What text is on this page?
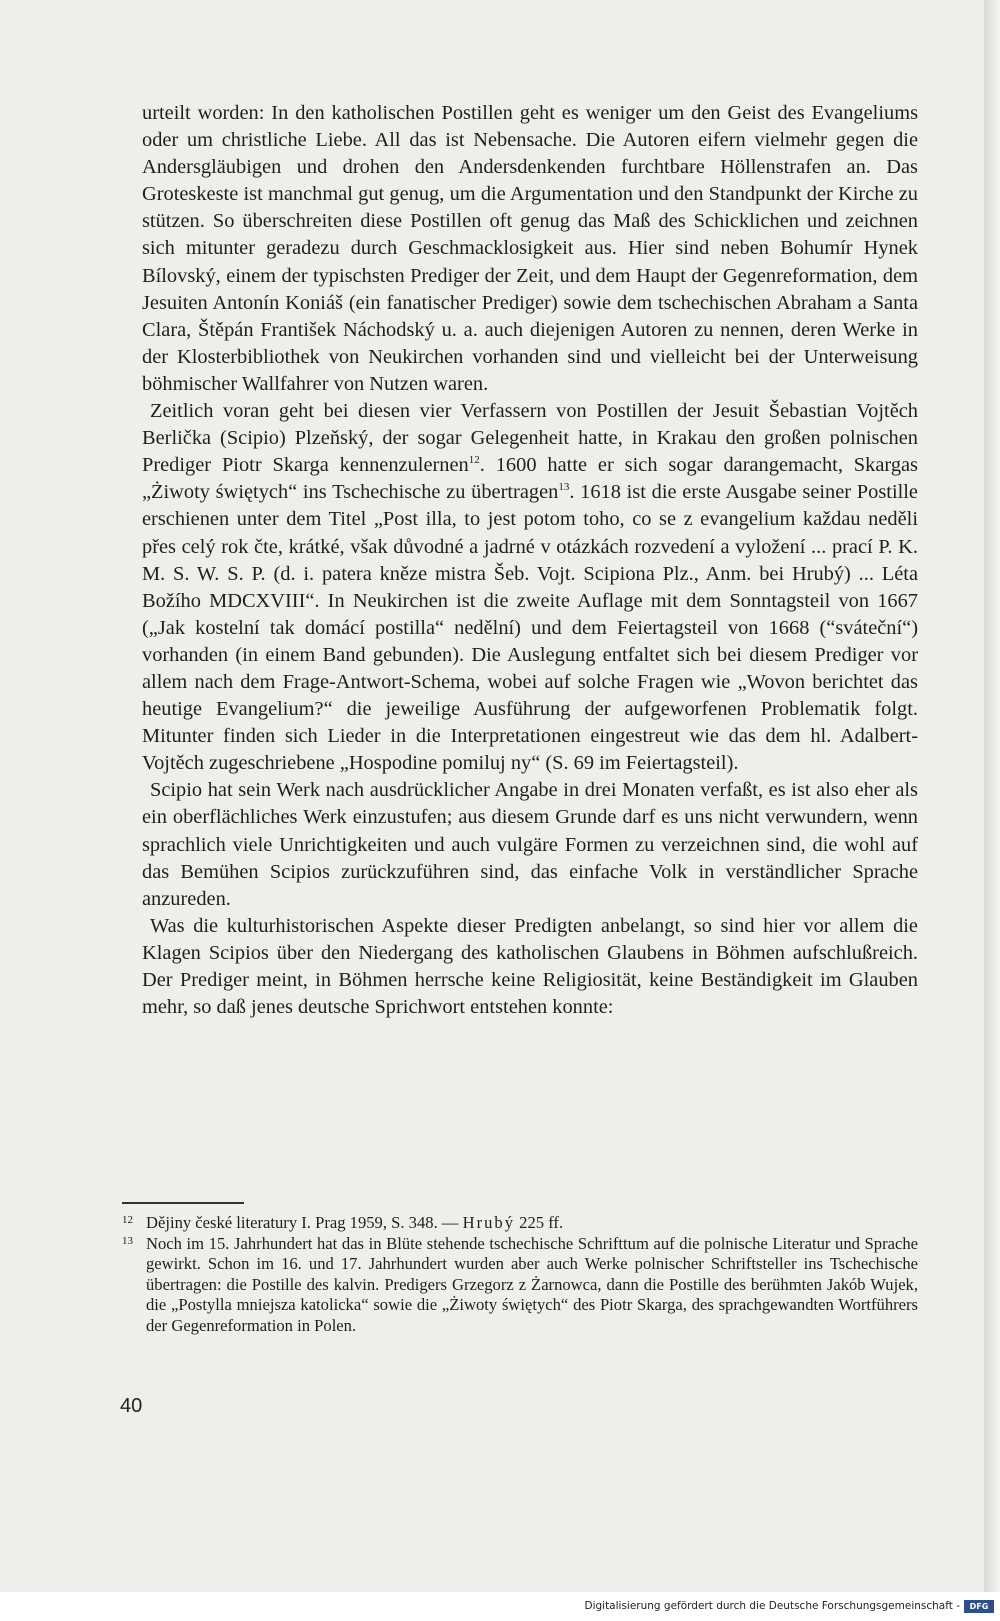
urteilt worden: In den katholischen Postillen geht es weniger um den Geist des Evangeliums oder um christliche Liebe. All das ist Nebensache. Die Autoren eifern vielmehr gegen die Andersgläubigen und drohen den Andersdenkenden furchtbare Höllenstrafen an. Das Groteskeste ist manchmal gut genug, um die Argumentation und den Standpunkt der Kirche zu stützen. So überschreiten diese Postillen oft genug das Maß des Schicklichen und zeichnen sich mitunter geradezu durch Geschmacklosigkeit aus. Hier sind neben Bohumír Hynek Bílovský, einem der typischsten Prediger der Zeit, und dem Haupt der Gegenreformation, dem Jesuiten Antonín Koniáš (ein fanatischer Prediger) sowie dem tschechischen Abraham a Santa Clara, Štěpán František Náchodský u. a. auch diejenigen Autoren zu nennen, deren Werke in der Klosterbibliothek von Neukirchen vorhanden sind und vielleicht bei der Unterweisung böhmischer Wallfahrer von Nutzen waren.

Zeitlich voran geht bei diesen vier Verfassern von Postillen der Jesuit Šebastian Vojtěch Berlička (Scipio) Plzeňský, der sogar Gelegenheit hatte, in Krakau den großen polnischen Prediger Piotr Skarga kennenzulernen$^{12}$. 1600 hatte er sich sogar darangemacht, Skargas „Żiwoty świętych“ ins Tschechische zu übertragen$^{13}$. 1618 ist die erste Ausgabe seiner Postille erschienen unter dem Titel „Post illa, to jest potom toho, co se z evangelium každau neděli přes celý rok čte, krátké, však důvodné a jadrné v otázkách rozvedení a vyložení ... prací P. K. M. S. W. S. P. (d. i. patera kněze mistra Šeb. Vojt. Scipiona Plz., Anm. bei Hrubý) ... Léta Božího MDCXVIII“. In Neukirchen ist die zweite Auflage mit dem Sonntagsteil von 1667 („Jak kostelní tak domácí postilla“ nedělní) und dem Feiertagsteil von 1668 (“sváteční“) vorhanden (in einem Band gebunden). Die Auslegung entfaltet sich bei diesem Prediger vor allem nach dem Frage-Antwort-Schema, wobei auf solche Fragen wie „Wovon berichtet das heutige Evangelium?“ die jeweilige Ausführung der aufgeworfenen Problematik folgt. Mitunter finden sich Lieder in die Interpretationen eingestreut wie das dem hl. Adalbert-Vojtěch zugeschriebene „Hospodine pomiluj ny“ (S. 69 im Feiertagsteil).

Scipio hat sein Werk nach ausdrücklicher Angabe in drei Monaten verfaßt, es ist also eher als ein oberflächliches Werk einzustufen; aus diesem Grunde darf es uns nicht verwundern, wenn sprachlich viele Unrichtigkeiten und auch vulgäre Formen zu verzeichnen sind, die wohl auf das Bemühen Scipios zurückzuführen sind, das einfache Volk in verständlicher Sprache anzureden.

Was die kulturhistorischen Aspekte dieser Predigten anbelangt, so sind hier vor allem die Klagen Scipios über den Niedergang des katholischen Glaubens in Böhmen aufschlußreich. Der Prediger meint, in Böhmen herrsche keine Religiosität, keine Beständigkeit im Glauben mehr, so daß jenes deutsche Sprichwort entstehen konnte:

12 Dějiny české literatury I. Prag 1959, S. 348. — Hrubý 225 ff.
13 Noch im 15. Jahrhundert hat das in Blüte stehende tschechische Schrifttum auf die polnische Literatur und Sprache gewirkt. Schon im 16. und 17. Jahrhundert wurden aber auch Werke polnischer Schriftsteller ins Tschechische übertragen: die Postille des kalvin. Predigers Grzegorz z Żarnowca, dann die Postille des berühmten Jakób Wujek, die „Postylla mniejsza katolicka“ sowie die „Żiwoty świętych“ des Piotr Skarga, des sprachgewandten Wortführers der Gegenreformation in Polen.
40
Digitalisierung gefördert durch die Deutsche Forschungsgemeinschaft -	DFG
